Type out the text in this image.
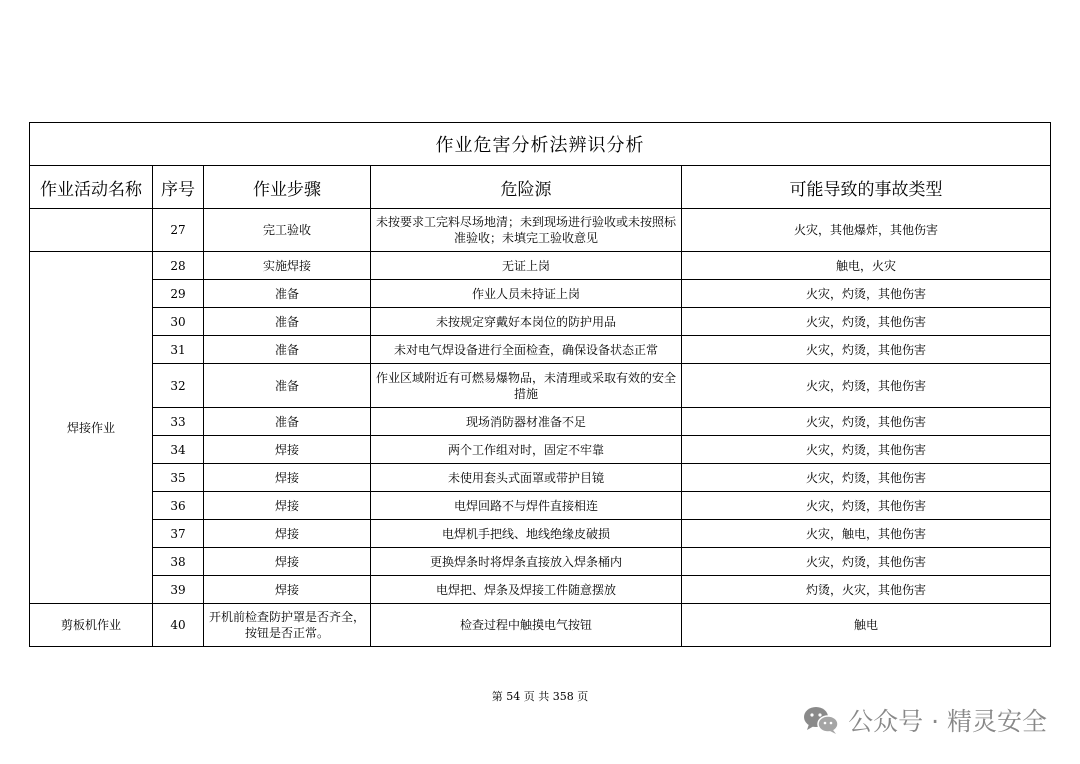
作业危害分析法辨识分析				
作业活动名称	序号	作业步骤	危险源	可能导致的事故类型
	27	完工验收	未按要求工完料尽场地清；未到现场进行验收或未按照标准验收；未填完工验收意见	火灾，其他爆炸，其他伤害
焊接作业	28	实施焊接	无证上岗	触电，火灾
	29	准备	作业人员未持证上岗	火灾，灼烫，其他伤害
	30	准备	未按规定穿戴好本岗位的防护用品	火灾，灼烫，其他伤害
	31	准备	未对电气焊设备进行全面检查，确保设备状态正常	火灾，灼烫，其他伤害
	32	准备	作业区域附近有可燃易爆物品，未清理或采取有效的安全措施	火灾，灼烫，其他伤害
	33	准备	现场消防器材准备不足	火灾，灼烫，其他伤害
	34	焊接	两个工作组对时，固定不牢靠	火灾，灼烫，其他伤害
	35	焊接	未使用套头式面罩或带护目镜	火灾，灼烫，其他伤害
	36	焊接	电焊回路不与焊件直接相连	火灾，灼烫，其他伤害
	37	焊接	电焊机手把线、地线绝缘皮破损	火灾，触电，其他伤害
	38	焊接	更换焊条时将焊条直接放入焊条桶内	火灾，灼烫，其他伤害
	39	焊接	电焊把、焊条及焊接工件随意摆放	灼烫，火灾，其他伤害
剪板机作业	40	开机前检查防护罩是否齐全，按钮是否正常。	检查过程中触摸电气按钮	触电
第 54 页 共 358 页
公众号 · 精灵安全
